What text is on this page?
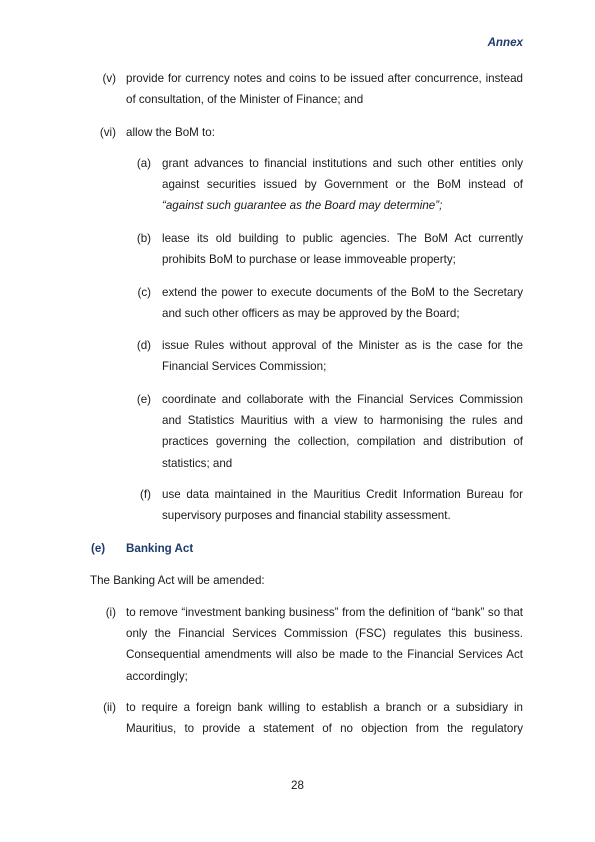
Annex
(v) provide for currency notes and coins to be issued after concurrence, instead of consultation, of the Minister of Finance; and

(vi) allow the BoM to:

(a) grant advances to financial institutions and such other entities only against securities issued by Government or the BoM instead of “against such guarantee as the Board may determine”;

(b) lease its old building to public agencies. The BoM Act currently prohibits BoM to purchase or lease immoveable property;

(c) extend the power to execute documents of the BoM to the Secretary and such other officers as may be approved by the Board;

(d) issue Rules without approval of the Minister as is the case for the Financial Services Commission;

(e) coordinate and collaborate with the Financial Services Commission and Statistics Mauritius with a view to harmonising the rules and practices governing the collection, compilation and distribution of statistics; and

(f) use data maintained in the Mauritius Credit Information Bureau for supervisory purposes and financial stability assessment.

(e) Banking Act
The Banking Act will be amended:
(i) to remove “investment banking business” from the definition of “bank” so that only the Financial Services Commission (FSC) regulates this business. Consequential amendments will also be made to the Financial Services Act accordingly;

(ii) to require a foreign bank willing to establish a branch or a subsidiary in Mauritius, to provide a statement of no objection from the regulatory

28
